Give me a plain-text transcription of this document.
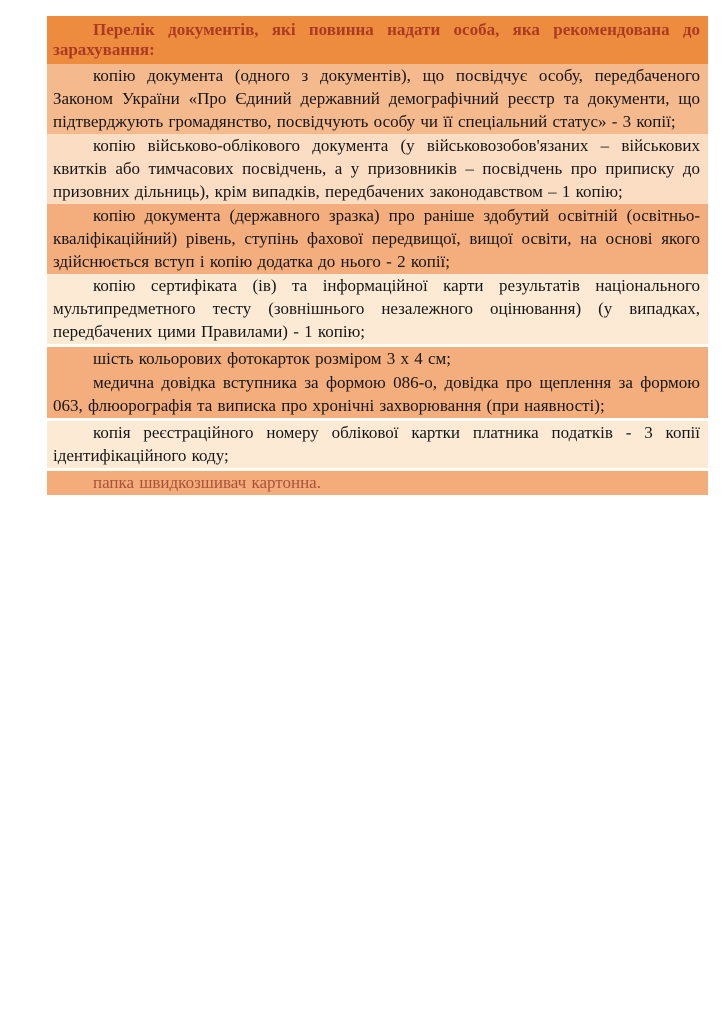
Перелік документів, які повинна надати особа, яка рекомендована до зарахування:

копію документа (одного з документів), що посвідчує особу, передбаченого Законом України «Про Єдиний державний демографічний реєстр та документи, що підтверджують громадянство, посвідчують особу чи її спеціальний статус» - 3 копії;

копію військово-облікового документа (у військовозобов'язаних – військових квитків або тимчасових посвідчень, а у призовників – посвідчень про приписку до призовних дільниць), крім випадків, передбачених законодавством – 1 копію;

копію документа (державного зразка) про раніше здобутий освітній (освітньо-кваліфікаційний) рівень, ступінь фахової передвищої, вищої освіти, на основі якого здійснюється вступ і копію додатка до нього - 2 копії;

копію сертифіката (ів) та інформаційної карти результатів національного мультипредметного тесту (зовнішнього незалежного оцінювання) (у випадках, передбачених цими Правилами) - 1 копію;

шість кольорових фотокарток розміром 3 х 4 см;

медична довідка вступника за формою 086-о, довідка про щеплення за формою 063, флюорографія та виписка про хронічні захворювання (при наявності);

копія реєстраційного номеру облікової картки платника податків - 3 копії ідентифікаційного коду;

папка швидкозшивач картонна.
